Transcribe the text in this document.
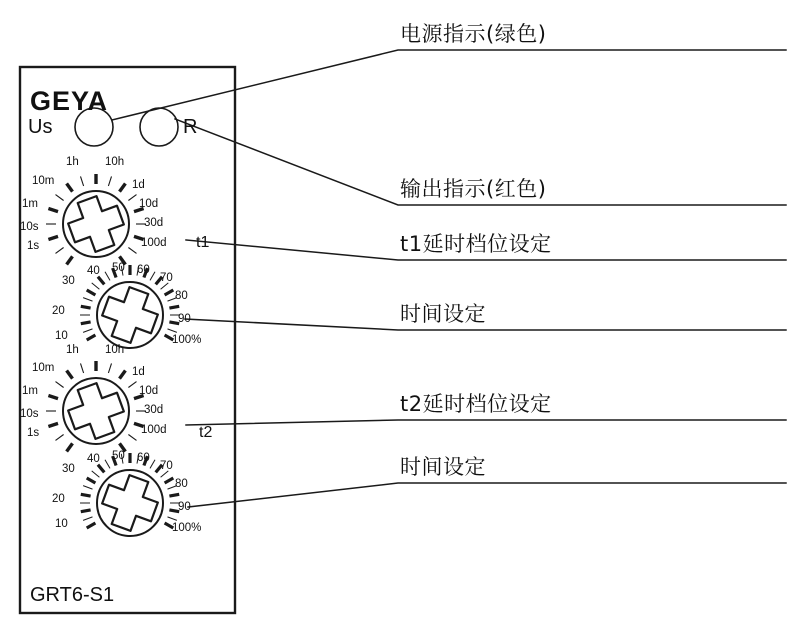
GEYA
Us	R
1h 10h
10m	1d
1m	10d
10s	30d
1s	100d t1
30
40 50 60
70
20
80
10
90
100%
1h 10h
10m	1d
1m	10d
10s	30d
1s	100d t2
30
40 50 60
70
20
80
10
90
100%
GRT6-S1
电源指示(绿色)
输出指示(红色)
t1延时档位设定
时间设定
t2延时档位设定
时间设定
